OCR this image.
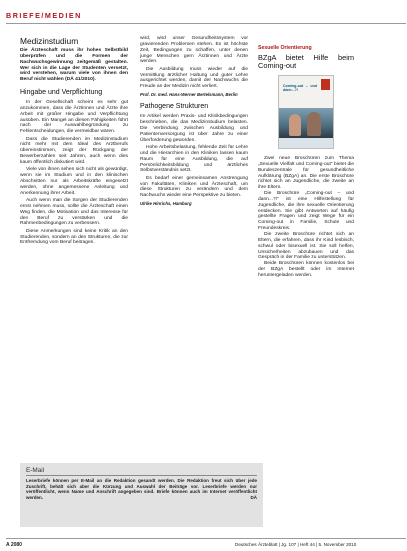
BRIEFE/MEDIEN
Medizinstudium

Die Ärzteschaft muss ihr hohes Selbstbild überprüfen und die Formen der Nachwuchsgewinnung zeitgemäß gestalten. Wer sich in die Lage der Studenten versetzt, wird verstehen, warum viele von ihnen den Beruf nicht wählen (DÄ 41/2010).

Hingabe und Verpflichtung

In der Gesellschaft scheint es sehr gut anzukommen, dass die Ärztinnen und Ärzte ihre Arbeit mit großer Hingabe und Verpflichtung ausüben. Ein Mangel an diesen Fähigkeiten führt nach der Auswahlbegründung zu Fehlentscheidungen, die vermeidbar wären.

Dass die Studierenden im Medizinstudium nicht mehr mit dem Ideal des Arztberufs übereinstimmen, zeigt der Rückgang der Bewerberzahlen seit Jahren, auch wenn dies kaum öffentlich diskutiert wird.

Viele von ihnen sehen sich nicht als gewürdigt, wenn sie im Studium und in den klinischen Abschnitten nur als Arbeitskräfte eingesetzt werden, ohne angemessene Anleitung und Anerkennung ihrer Arbeit.

Auch wenn man die Sorgen der Studierenden ernst nehmen muss, sollte die Ärzteschaft einen Weg finden, die Motivation und das Interesse für den Beruf zu verstärken und die Rahmenbedingungen zu verbessern.

Diese Anmerkungen sind keine Kritik an den Studierenden, sondern an den Strukturen, die zur Entfremdung vom Beruf beitragen.

wird, wird unser Gesundheitssystem vor gravierenden Problemen stehen. Es ist höchste Zeit, Bedingungen zu schaffen, unter denen junge Menschen gern Ärztinnen und Ärzte werden.

Die Ausbildung muss wieder auf die Vermittlung ärztlicher Haltung und guter Lehre ausgerichtet werden, damit der Nachwuchs die Freude an der Medizin nicht verliert.

Prof. Dr. med. Hans-Werner Bertelsmann, Berlin
Pathogene Strukturen

Im Artikel werden Praxis- und Klinikbedingungen beschrieben, die das Medizinstudium belasten. Die Verbindung zwischen Ausbildung und Patientenversorgung ist über Jahre zu einer Überforderung geworden.

Hohe Arbeitsbelastung, fehlende Zeit für Lehre und die Hierarchien in den Kliniken lassen kaum Raum für eine Ausbildung, die auf Persönlichkeitsbildung und ärztliches Selbstverständnis setzt.

Es bedarf einer gemeinsamen Anstrengung von Fakultäten, Kliniken und Ärzteschaft, um diese Strukturen zu verändern und dem Nachwuchs wieder eine Perspektive zu bieten.

Ulrike Hinrichs, Hamburg
Sexuelle Orientierung
BZgA bietet Hilfe beim Coming-out
Coming-out – und dann...?!

Zwei neue Broschüren zum Thema „Sexuelle Vielfalt und Coming-out“ bietet die Bundeszentrale für gesundheitliche Aufklärung (BZgA) an. Die erste Broschüre richtet sich an Jugendliche, die zweite an ihre Eltern.

Die Broschüre „Coming-out – und dann...?!“ ist eine Hilfestellung für Jugendliche, die ihre sexuelle Orientierung entdecken. Sie gibt Antworten auf häufig gestellte Fragen und zeigt Wege für ein Coming-out in Familie, Schule und Freundeskreis.

Die zweite Broschüre richtet sich an Eltern, die erfahren, dass ihr Kind lesbisch, schwul oder bisexuell ist. Sie soll helfen, Unsicherheiten abzubauen und das Gespräch in der Familie zu unterstützen.

Beide Broschüren können kostenlos bei der BZgA bestellt oder im Internet heruntergeladen werden.

E-Mail
Leserbriefe können per E-Mail an die Redaktion gesandt werden. Die Redaktion freut sich über jede Zuschrift, behält sich aber die Kürzung und Auswahl der Beiträge vor. Leserbriefe werden nur veröffentlicht, wenn Name und Anschrift angegeben sind. Briefe können auch im Internet veröffentlicht werden.	DÄ
A 2080	Deutsches Ärzteblatt | Jg. 107 | Heft 44 | 5. November 2010
